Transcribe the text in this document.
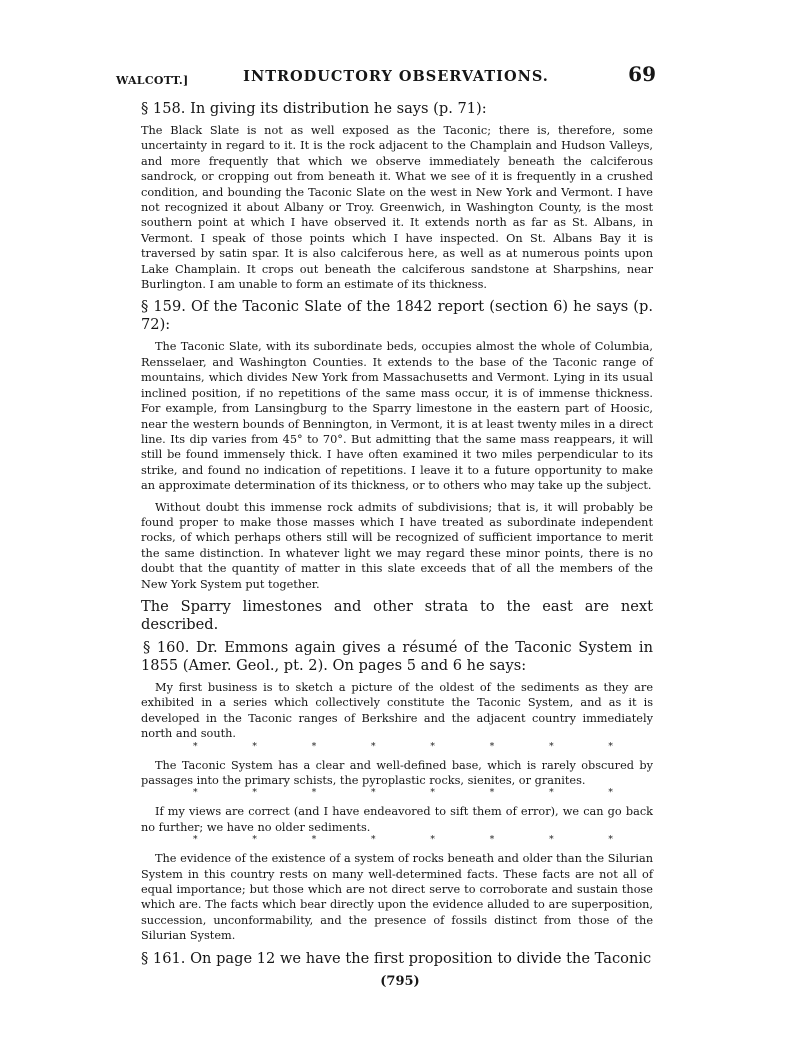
WALCOTT.]	INTRODUCTORY OBSERVATIONS.	69

§ 158. In giving its distribution he says (p. 71):

The Black Slate is not as well exposed as the Taconic; there is, therefore, some uncertainty in regard to it. It is the rock adjacent to the Champlain and Hudson Valleys, and more frequently that which we observe immediately beneath the calciferous sandrock, or cropping out from beneath it. What we see of it is frequently in a crushed condition, and bounding the Taconic Slate on the west in New York and Vermont. I have not recognized it about Albany or Troy. Greenwich, in Washington County, is the most southern point at which I have observed it. It extends north as far as St. Albans, in Vermont. I speak of those points which I have inspected. On St. Albans Bay it is traversed by satin spar. It is also calciferous here, as well as at numerous points upon Lake Champlain. It crops out beneath the calciferous sandstone at Sharpshins, near Burlington. I am unable to form an estimate of its thickness.

§ 159. Of the Taconic Slate of the 1842 report (section 6) he says (p. 72):

The Taconic Slate, with its subordinate beds, occupies almost the whole of Columbia, Rensselaer, and Washington Counties. It extends to the base of the Taconic range of mountains, which divides New York from Massachusetts and Vermont. Lying in its usual inclined position, if no repetitions of the same mass occur, it is of immense thickness. For example, from Lansingburg to the Sparry limestone in the eastern part of Hoosic, near the western bounds of Bennington, in Vermont, it is at least twenty miles in a direct line. Its dip varies from 45° to 70°. But admitting that the same mass reappears, it will still be found immensely thick. I have often examined it two miles perpendicular to its strike, and found no indication of repetitions. I leave it to a future opportunity to make an approximate determination of its thickness, or to others who may take up the subject.

Without doubt this immense rock admits of subdivisions; that is, it will probably be found proper to make those masses which I have treated as subordinate independent rocks, of which perhaps others still will be recognized of sufficient importance to merit the same distinction. In whatever light we may regard these minor points, there is no doubt that the quantity of matter in this slate exceeds that of all the members of the New York System put together.

The Sparry limestones and other strata to the east are next described.

§ 160. Dr. Emmons again gives a résumé of the Taconic System in 1855 (Amer. Geol., pt. 2). On pages 5 and 6 he says:

My first business is to sketch a picture of the oldest of the sediments as they are exhibited in a series which collectively constitute the Taconic System, and as it is developed in the Taconic ranges of Berkshire and the adjacent country immediately north and south.

*	*	*	*	*	*	*	*

The Taconic System has a clear and well-defined base, which is rarely obscured by passages into the primary schists, the pyroplastic rocks, sienites, or granites.

*	*	*	*	*	*	*	*

If my views are correct (and I have endeavored to sift them of error), we can go back no further; we have no older sediments.

*	*	*	*	*	*	*	*

The evidence of the existence of a system of rocks beneath and older than the Silurian System in this country rests on many well-determined facts. These facts are not all of equal importance; but those which are not direct serve to corroborate and sustain those which are. The facts which bear directly upon the evidence alluded to are superposition, succession, unconformability, and the presence of fossils distinct from those of the Silurian System.

§ 161. On page 12 we have the first proposition to divide the Taconic

(795)
